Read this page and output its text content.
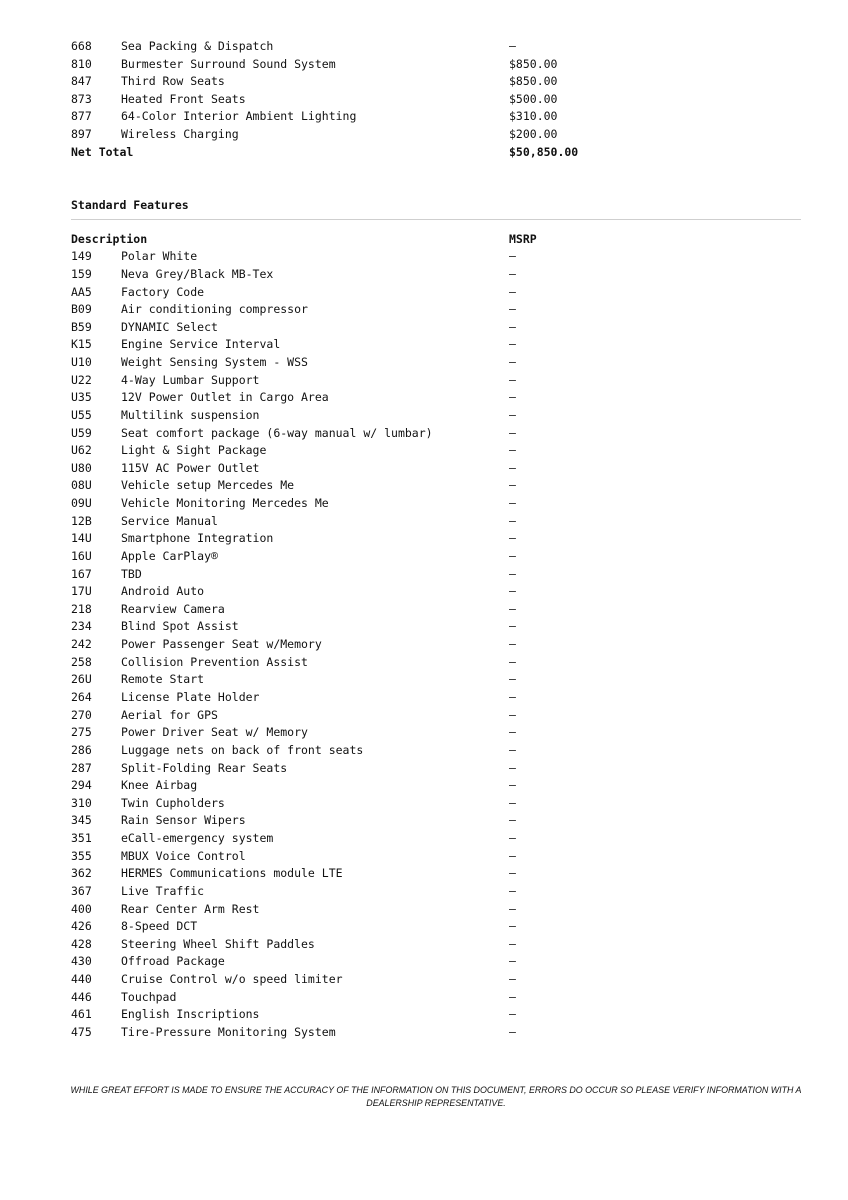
668	Sea Packing & Dispatch	—
810	Burmester Surround Sound System	$850.00
847	Third Row Seats	$850.00
873	Heated Front Seats	$500.00
877	64-Color Interior Ambient Lighting	$310.00
897	Wireless Charging	$200.00
Net Total	$50,850.00
Standard Features
Description	MSRP
149	Polar White	—
159	Neva Grey/Black MB-Tex	—
AA5	Factory Code	—
B09	Air conditioning compressor	—
B59	DYNAMIC Select	—
K15	Engine Service Interval	—
U10	Weight Sensing System - WSS	—
U22	4-Way Lumbar Support	—
U35	12V Power Outlet in Cargo Area	—
U55	Multilink suspension	—
U59	Seat comfort package (6-way manual w/ lumbar)	—
U62	Light & Sight Package	—
U80	115V AC Power Outlet	—
08U	Vehicle setup Mercedes Me	—
09U	Vehicle Monitoring Mercedes Me	—
12B	Service Manual	—
14U	Smartphone Integration	—
16U	Apple CarPlay®	—
167	TBD	—
17U	Android Auto	—
218	Rearview Camera	—
234	Blind Spot Assist	—
242	Power Passenger Seat w/Memory	—
258	Collision Prevention Assist	—
26U	Remote Start	—
264	License Plate Holder	—
270	Aerial for GPS	—
275	Power Driver Seat w/ Memory	—
286	Luggage nets on back of front seats	—
287	Split-Folding Rear Seats	—
294	Knee Airbag	—
310	Twin Cupholders	—
345	Rain Sensor Wipers	—
351	eCall-emergency system	—
355	MBUX Voice Control	—
362	HERMES Communications module LTE	—
367	Live Traffic	—
400	Rear Center Arm Rest	—
426	8-Speed DCT	—
428	Steering Wheel Shift Paddles	—
430	Offroad Package	—
440	Cruise Control w/o speed limiter	—
446	Touchpad	—
461	English Inscriptions	—
475	Tire-Pressure Monitoring System	—
WHILE GREAT EFFORT IS MADE TO ENSURE THE ACCURACY OF THE INFORMATION ON THIS DOCUMENT, ERRORS DO OCCUR SO PLEASE VERIFY INFORMATION WITH A DEALERSHIP REPRESENTATIVE.
